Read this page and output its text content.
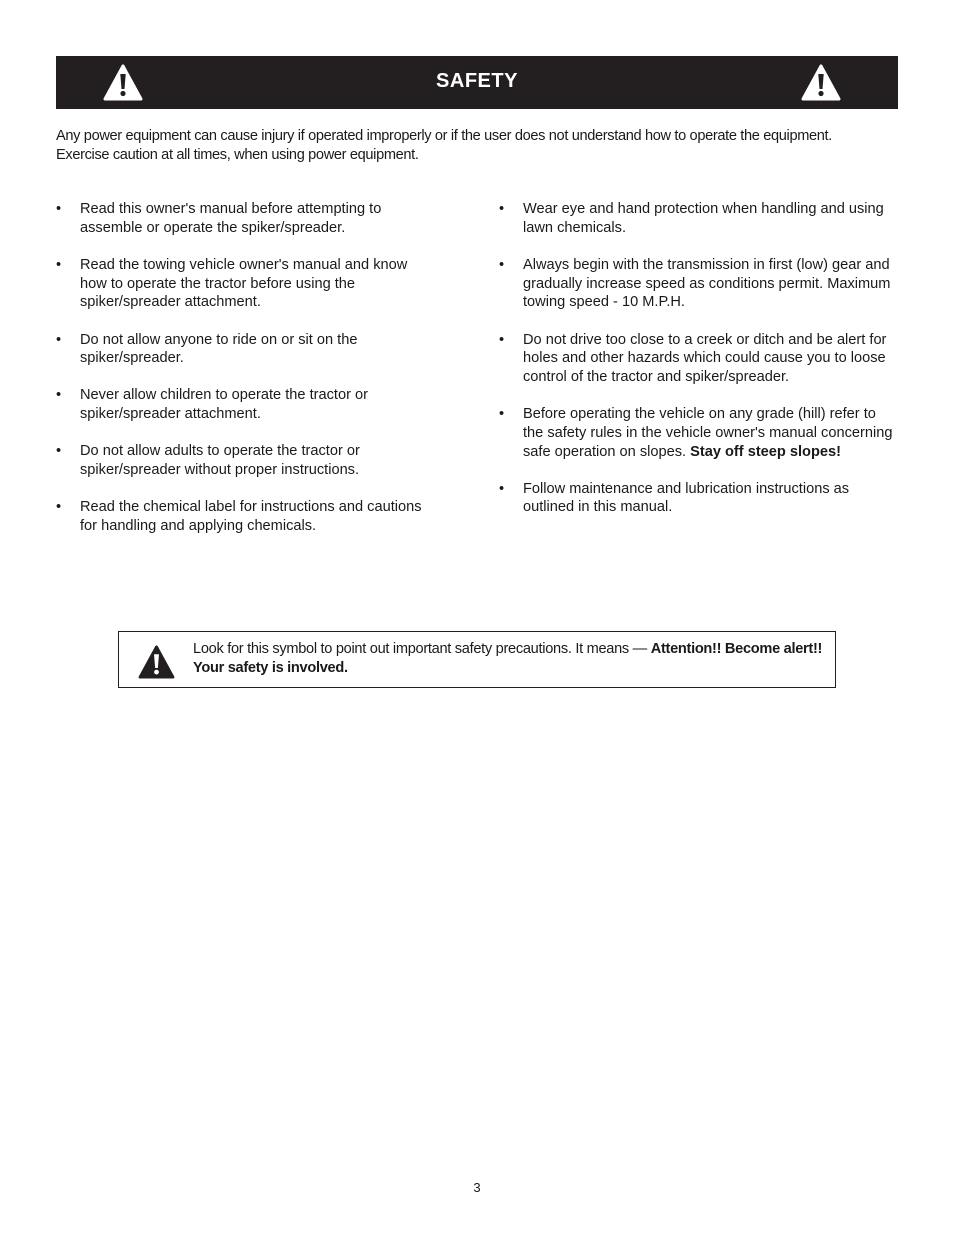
SAFETY

Any power equipment can cause injury if operated improperly or if the user does not understand how to operate the equipment.

Exercise caution at all times, when using power equipment.

• Read this owner's manual before attempting to assemble or operate the spiker/spreader.
• Read the towing vehicle owner's manual and know how to operate the tractor before using the spiker/spreader attachment.
• Do not allow anyone to ride on or sit on the spiker/spreader.
• Never allow children to operate the tractor or spiker/spreader attachment.
• Do not allow adults to operate the tractor or spiker/spreader without proper instructions.
• Read the chemical label for instructions and cautions for handling and applying chemicals.
• Wear eye and hand protection when handling and using lawn chemicals.
• Always begin with the transmission in first (low) gear and gradually increase speed as conditions permit. Maximum towing speed - 10 M.P.H.
• Do not drive too close to a creek or ditch and be alert for holes and other hazards which could cause you to loose control of the tractor and spiker/spreader.
• Before operating the vehicle on any grade (hill) refer to the safety rules in the vehicle owner's manual concerning safe operation on slopes. Stay off steep slopes!
• Follow maintenance and lubrication instructions as outlined in this manual.
Look for this symbol to point out important safety precautions. It means — Attention!! Become alert!! Your safety is involved.
3
